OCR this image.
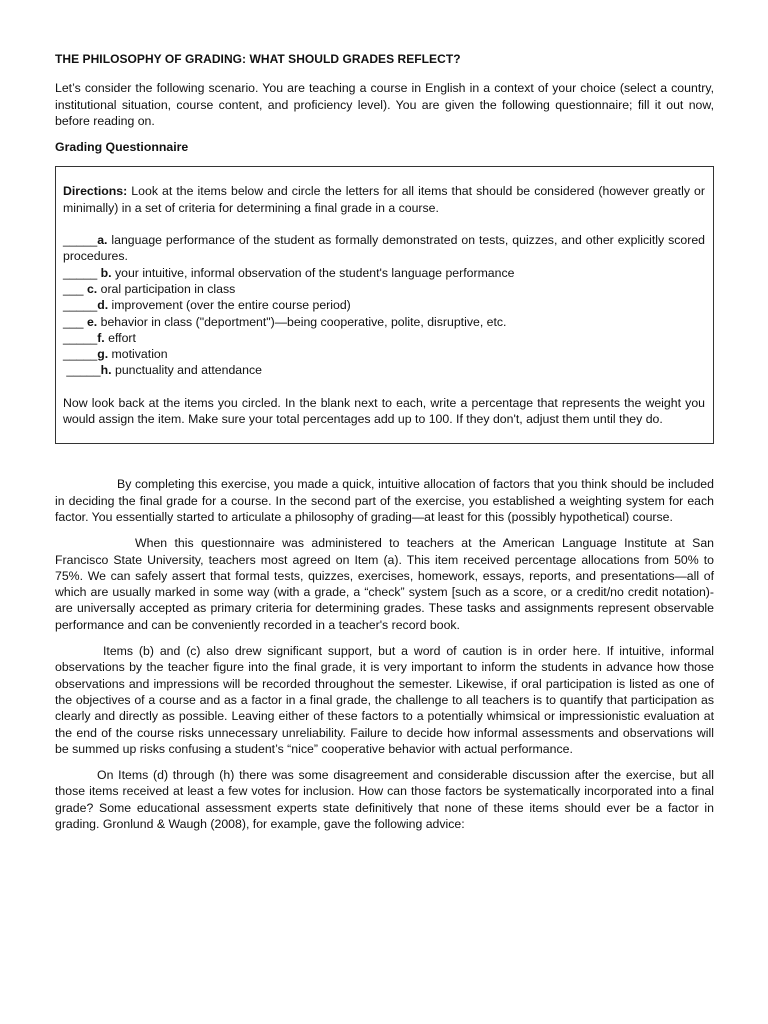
THE PHILOSOPHY OF GRADING: WHAT SHOULD GRADES REFLECT?

Let’s consider the following scenario. You are teaching a course in English in a context of your choice (select a country, institutional situation, course content, and proficiency level). You are given the following questionnaire; fill it out now, before reading on.

Grading Questionnaire

Directions: Look at the items below and circle the letters for all items that should be considered (however greatly or minimally) in a set of criteria for determining a final grade in a course.

_____a. language performance of the student as formally demonstrated on tests, quizzes, and other explicitly scored procedures.
_____ b. your intuitive, informal observation of the student's language performance
___ c. oral participation in class
_____d. improvement (over the entire course period)
___ e. behavior in class ("deportment")—being cooperative, polite, disruptive, etc.
_____f. effort
_____g. motivation
_____h. punctuality and attendance

Now look back at the items you circled. In the blank next to each, write a percentage that represents the weight you would assign the item. Make sure your total percentages add up to 100. If they don't, adjust them until they do.

By completing this exercise, you made a quick, intuitive allocation of factors that you think should be included in deciding the final grade for a course. In the second part of the exercise, you established a weighting system for each factor. You essentially started to articulate a philosophy of grading—at least for this (possibly hypothetical) course.

When this questionnaire was administered to teachers at the American Language Institute at San Francisco State University, teachers most agreed on Item (a). This item received percentage allocations from 50% to 75%. We can safely assert that formal tests, quizzes, exercises, homework, essays, reports, and presentations—all of which are usually marked in some way (with a grade, a “check” system [such as a score, or a credit/no credit notation)- are universally accepted as primary criteria for determining grades. These tasks and assignments represent observable performance and can be conveniently recorded in a teacher's record book.

Items (b) and (c) also drew significant support, but a word of caution is in order here. If intuitive, informal observations by the teacher figure into the final grade, it is very important to inform the students in advance how those observations and impressions will be recorded throughout the semester. Likewise, if oral participation is listed as one of the objectives of a course and as a factor in a final grade, the challenge to all teachers is to quantify that participation as clearly and directly as possible. Leaving either of these factors to a potentially whimsical or impressionistic evaluation at the end of the course risks unnecessary unreliability. Failure to decide how informal assessments and observations will be summed up risks confusing a student’s “nice” cooperative behavior with actual performance.

On Items (d) through (h) there was some disagreement and considerable discussion after the exercise, but all those items received at least a few votes for inclusion. How can those factors be systematically incorporated into a final grade? Some educational assessment experts state definitively that none of these items should ever be a factor in grading. Gronlund & Waugh (2008), for example, gave the following advice:
